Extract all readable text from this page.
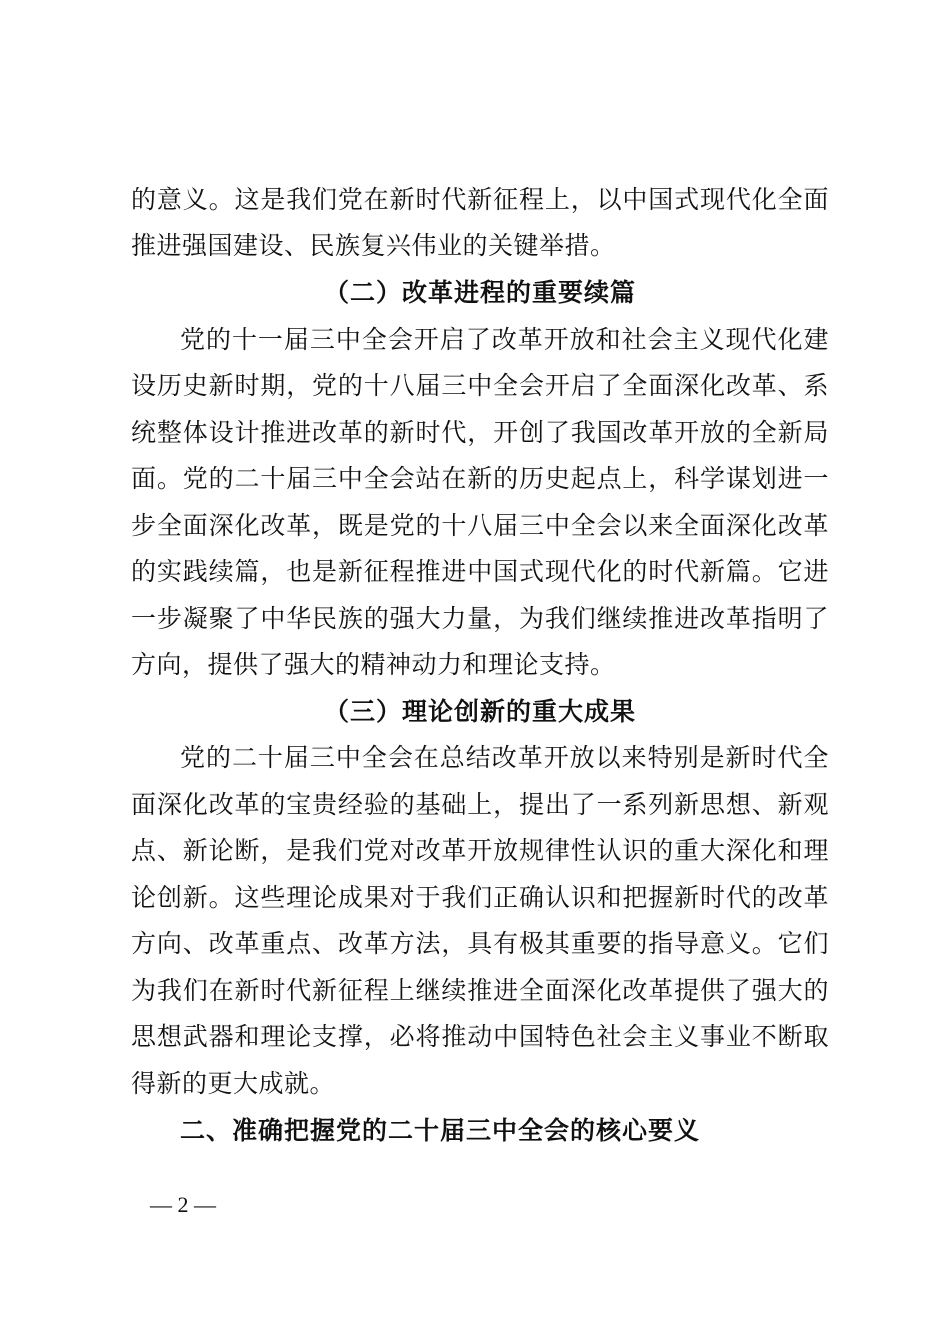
的意义。这是我们党在新时代新征程上，以中国式现代化全面
推进强国建设、民族复兴伟业的关键举措。
（二）改革进程的重要续篇
党的十一届三中全会开启了改革开放和社会主义现代化建
设历史新时期，党的十八届三中全会开启了全面深化改革、系
统整体设计推进改革的新时代，开创了我国改革开放的全新局
面。党的二十届三中全会站在新的历史起点上，科学谋划进一
步全面深化改革，既是党的十八届三中全会以来全面深化改革
的实践续篇，也是新征程推进中国式现代化的时代新篇。它进
一步凝聚了中华民族的强大力量，为我们继续推进改革指明了
方向，提供了强大的精神动力和理论支持。
（三）理论创新的重大成果
党的二十届三中全会在总结改革开放以来特别是新时代全
面深化改革的宝贵经验的基础上，提出了一系列新思想、新观
点、新论断，是我们党对改革开放规律性认识的重大深化和理
论创新。这些理论成果对于我们正确认识和把握新时代的改革
方向、改革重点、改革方法，具有极其重要的指导意义。它们
为我们在新时代新征程上继续推进全面深化改革提供了强大的
思想武器和理论支撑，必将推动中国特色社会主义事业不断取
得新的更大成就。
二、准确把握党的二十届三中全会的核心要义
— 2 —
